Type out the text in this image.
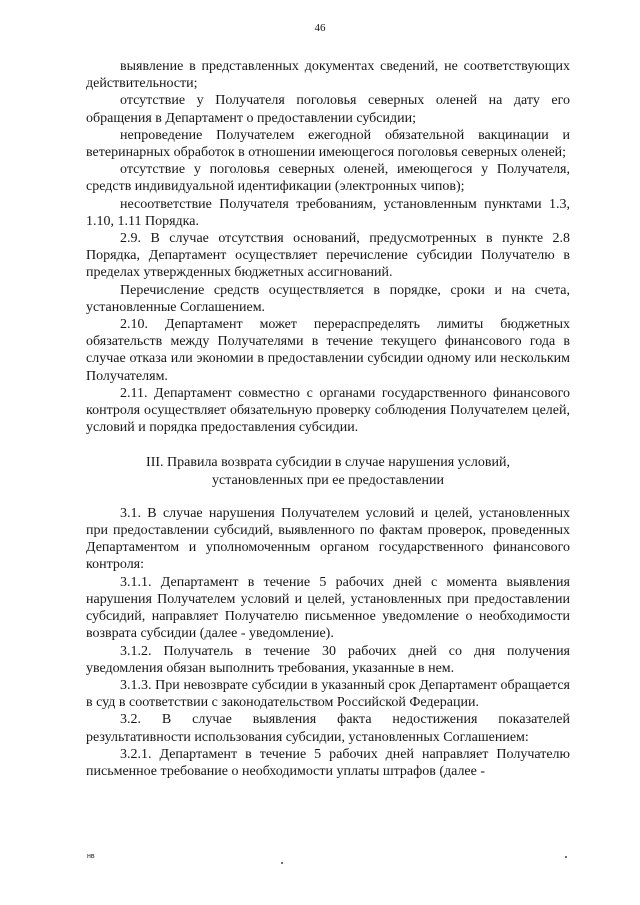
46

выявление в представленных документах сведений, не соответствующих действительности;

отсутствие у Получателя поголовья северных оленей на дату его обращения в Департамент о предоставлении субсидии;

непроведение Получателем ежегодной обязательной вакцинации и ветеринарных обработок в отношении имеющегося поголовья северных оленей;

отсутствие у поголовья северных оленей, имеющегося у Получателя, средств индивидуальной идентификации (электронных чипов);

несоответствие Получателя требованиям, установленным пунктами 1.3, 1.10, 1.11 Порядка.

2.9. В случае отсутствия оснований, предусмотренных в пункте 2.8 Порядка, Департамент осуществляет перечисление субсидии Получателю в пределах утвержденных бюджетных ассигнований.

Перечисление средств осуществляется в порядке, сроки и на счета, установленные Соглашением.

2.10. Департамент может перераспределять лимиты бюджетных обязательств между Получателями в течение текущего финансового года в случае отказа или экономии в предоставлении субсидии одному или нескольким Получателям.

2.11. Департамент совместно с органами государственного финансового контроля осуществляет обязательную проверку соблюдения Получателем целей, условий и порядка предоставления субсидии.

III. Правила возврата субсидии в случае нарушения условий,
установленных при ее предоставлении

3.1. В случае нарушения Получателем условий и целей, установленных при предоставлении субсидий, выявленного по фактам проверок, проведенных Департаментом и уполномоченным органом государственного финансового контроля:

3.1.1. Департамент в течение 5 рабочих дней с момента выявления нарушения Получателем условий и целей, установленных при предоставлении субсидий, направляет Получателю письменное уведомление о необходимости возврата субсидии (далее - уведомление).

3.1.2. Получатель в течение 30 рабочих дней со дня получения уведомления обязан выполнить требования, указанные в нем.

3.1.3. При невозврате субсидии в указанный срок Департамент обращается в суд в соответствии с законодательством Российской Федерации.

3.2. В случае выявления факта недостижения показателей результативности использования субсидии, установленных Соглашением:

3.2.1. Департамент в течение 5 рабочих дней направляет Получателю письменное требование о необходимости уплаты штрафов (далее -

нв
